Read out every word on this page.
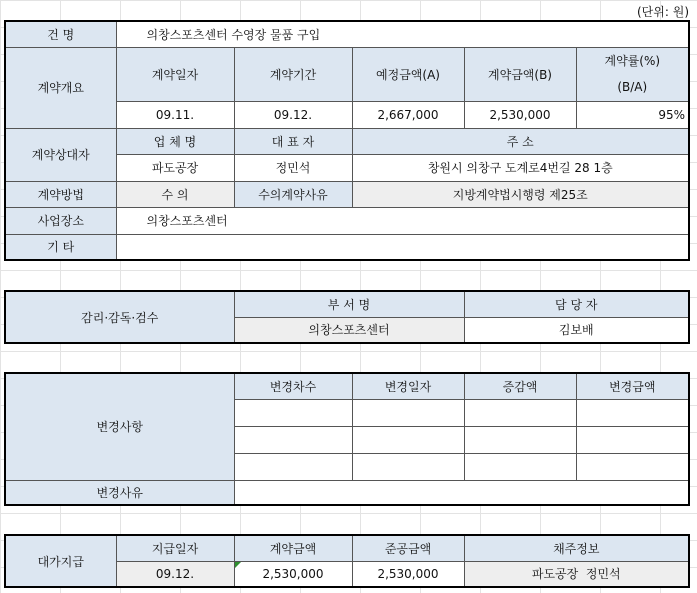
(단위: 원)
건 명	의창스포츠센터 수영장 물품 구입				
계약개요	계약일자	계약기간	예정금액(A)	계약금액(B)	계약률(%)
(B/A)

	09.11.	09.12.	2,667,000	2,530,000	95%
계약상대자	업 체 명	대 표 자	주 소		
	파도공장	정민석	창원시 의창구 도계로4번길 28 1층		
계약방법	수 의	수의계약사유	지방계약법시행령 제25조		
사업장소	의창스포츠센터				
기 타					
감리·감독·검수	부 서 명	담 당 자
	의창스포츠센터	김보배
변경사항	변경차수	변경일자	증감액	변경금액

변경사유				
대가지급	지급일자	계약금액	준공금액	채주정보
	09.12.	2,530,000	2,530,000	파도공장  정민석
